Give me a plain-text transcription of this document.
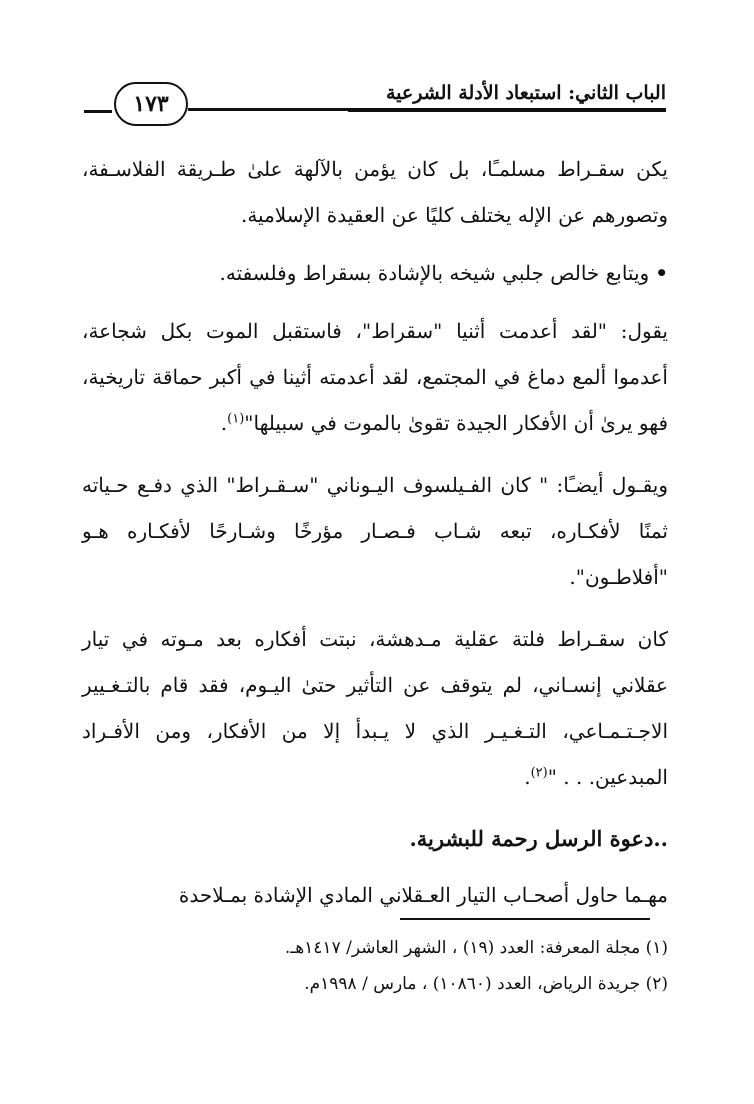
الباب الثاني: استبعاد الأدلة الشرعية
١٧٣

يكن سقـراط مسلمـًا، بل كان يؤمن بالآلهة علىٰ طـريقة الفلاسـفة، وتصورهم عن الإله يختلف كليًا عن العقيدة الإسلامية.

•ويتابع خالص جلبي شيخه بالإشادة بسقراط وفلسفته.

يقول: "لقد أعدمت أثنيا "سقراط"، فاستقبل الموت بكل شجاعة، أعدموا ألمع دماغ في المجتمع، لقد أعدمته أثينا في أكبر حماقة تاريخية، فهو يرىٰ أن الأفكار الجيدة تقوىٰ بالموت في سبيلها"$^{(١)}$.

ويقـول أيضـًا: " كان الفـيلسوف اليـوناني "سـقـراط" الذي دفـع حـياته ثمنًا لأفكـاره، تبعه شـاب فـصـار مؤرخًا وشـارحًا لأفكـاره هـو "أفلاطـون".

كان سقـراط فلتة عقلية مـدهشة، نبتت أفكاره بعد مـوته في تيار عقلاني إنسـاني، لم يتوقف عن التأثير حتىٰ اليـوم، فقد قام بالتـغـيير الاجـتـمـاعي، التـغـيـر الذي لا يـبدأ إلا من الأفكار، ومن الأفـراد المبدعين. . . "$^{(٢)}$.

..دعوة الرسل رحمة للبشرية.

مهـما حاول أصحـاب التيار العـقلاني المادي الإشادة بمـلاحدة

(١) مجلة المعرفة: العدد (١٩) ، الشهر العاشر/ ١٤١٧هـ.
(٢) جريدة الرياض، العدد (١٠٨٦٠) ، مارس / ١٩٩٨م.
